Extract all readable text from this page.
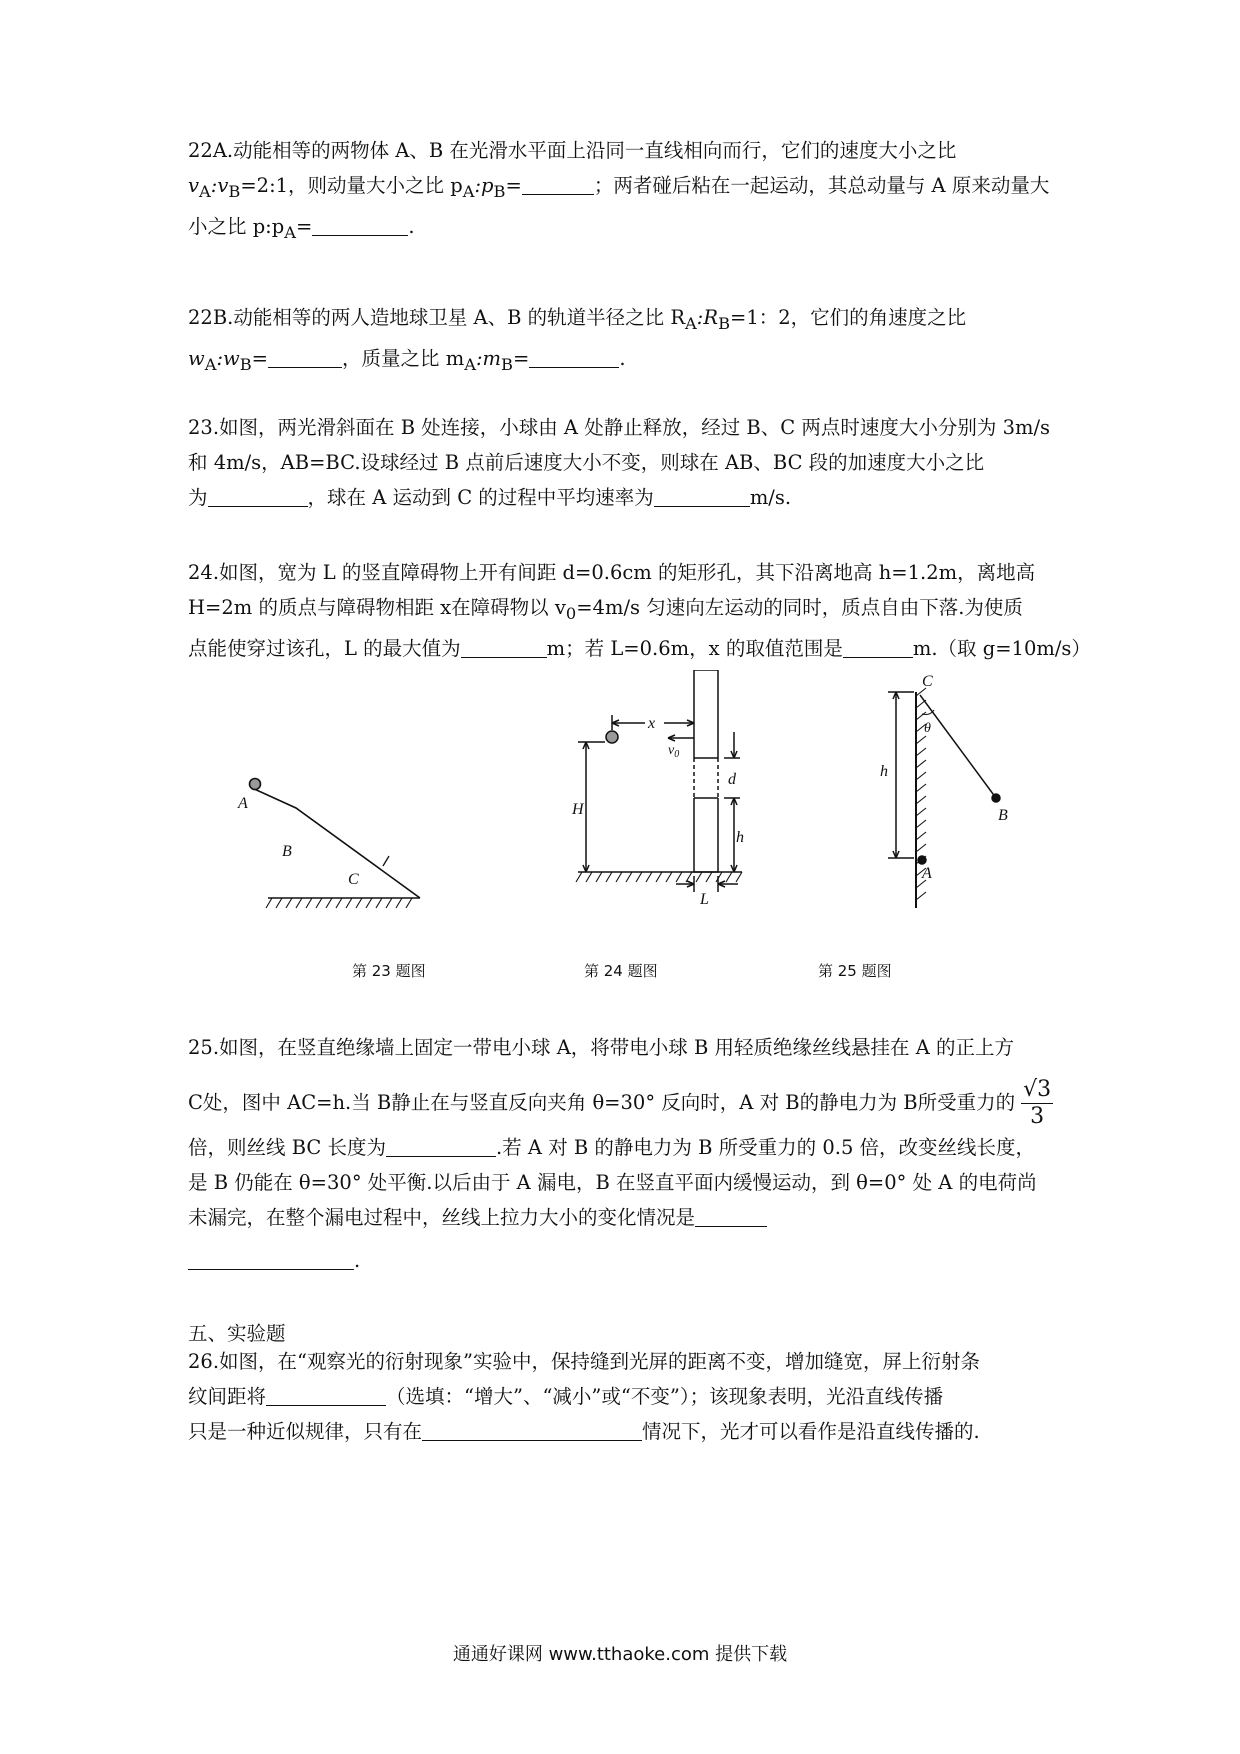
22A.动能相等的两物体 A、B 在光滑水平面上沿同一直线相向而行，它们的速度大小之比
$v_A:v_B=2:1$，则动量大小之比 $p_A:p_B=$	；两者碰后粘在一起运动，其总动量与 A 原来动量大
小之比 $p:p_A=$	.
22B.动能相等的两人造地球卫星 A、B 的轨道半径之比 $R_A:R_B=1$：2，它们的角速度之比
$w_A:w_B=$	，质量之比 $m_A:m_B=$	.
23.如图，两光滑斜面在 B 处连接，小球由 A 处静止释放，经过 B、C 两点时速度大小分别为 3m/s
和 4m/s，AB=BC.设球经过 B 点前后速度大小不变，则球在 AB、BC 段的加速度大小之比
为	，球在 A 运动到 C 的过程中平均速率为	m/s.
24.如图，宽为 L 的竖直障碍物上开有间距 d=0.6cm 的矩形孔，其下沿离地高 h=1.2m，离地高
H=2m 的质点与障碍物相距 x在障碍物以 $v_0=4m/s$ 匀速向左运动的同时，质点自由下落.为使质
点能使穿过该孔，L 的最大值为	m；若 L=0.6m，x 的取值范围是	m.（取 g=10m/s）
A
B
C
x
$v_0$
d
H
h
L
C
θ
h
B
A
第 23 题图	第 24 题图	第 25 题图
25.如图，在竖直绝缘墙上固定一带电小球 A，将带电小球 B 用轻质绝缘丝线悬挂在 A 的正上方
C处，图中 AC=h.当 B静止在与竖直反向夹角 θ=30° 反向时，A 对 B的静电力为 B所受重力的 $\frac{√3}{3}$
倍，则丝线 BC 长度为	.若 A 对 B 的静电力为 B 所受重力的 0.5 倍，改变丝线长度，
是 B 仍能在 θ=30° 处平衡.以后由于 A 漏电，B 在竖直平面内缓慢运动，到 θ=0° 处 A 的电荷尚
未漏完，在整个漏电过程中，丝线上拉力大小的变化情况是
.
五、实验题
26.如图，在“观察光的衍射现象”实验中，保持缝到光屏的距离不变，增加缝宽，屏上衍射条
纹间距将	（选填：“增大”、“减小”或“不变”）；该现象表明，光沿直线传播
只是一种近似规律，只有在	情况下，光才可以看作是沿直线传播的.
通通好课网 www.tthaoke.com 提供下载
